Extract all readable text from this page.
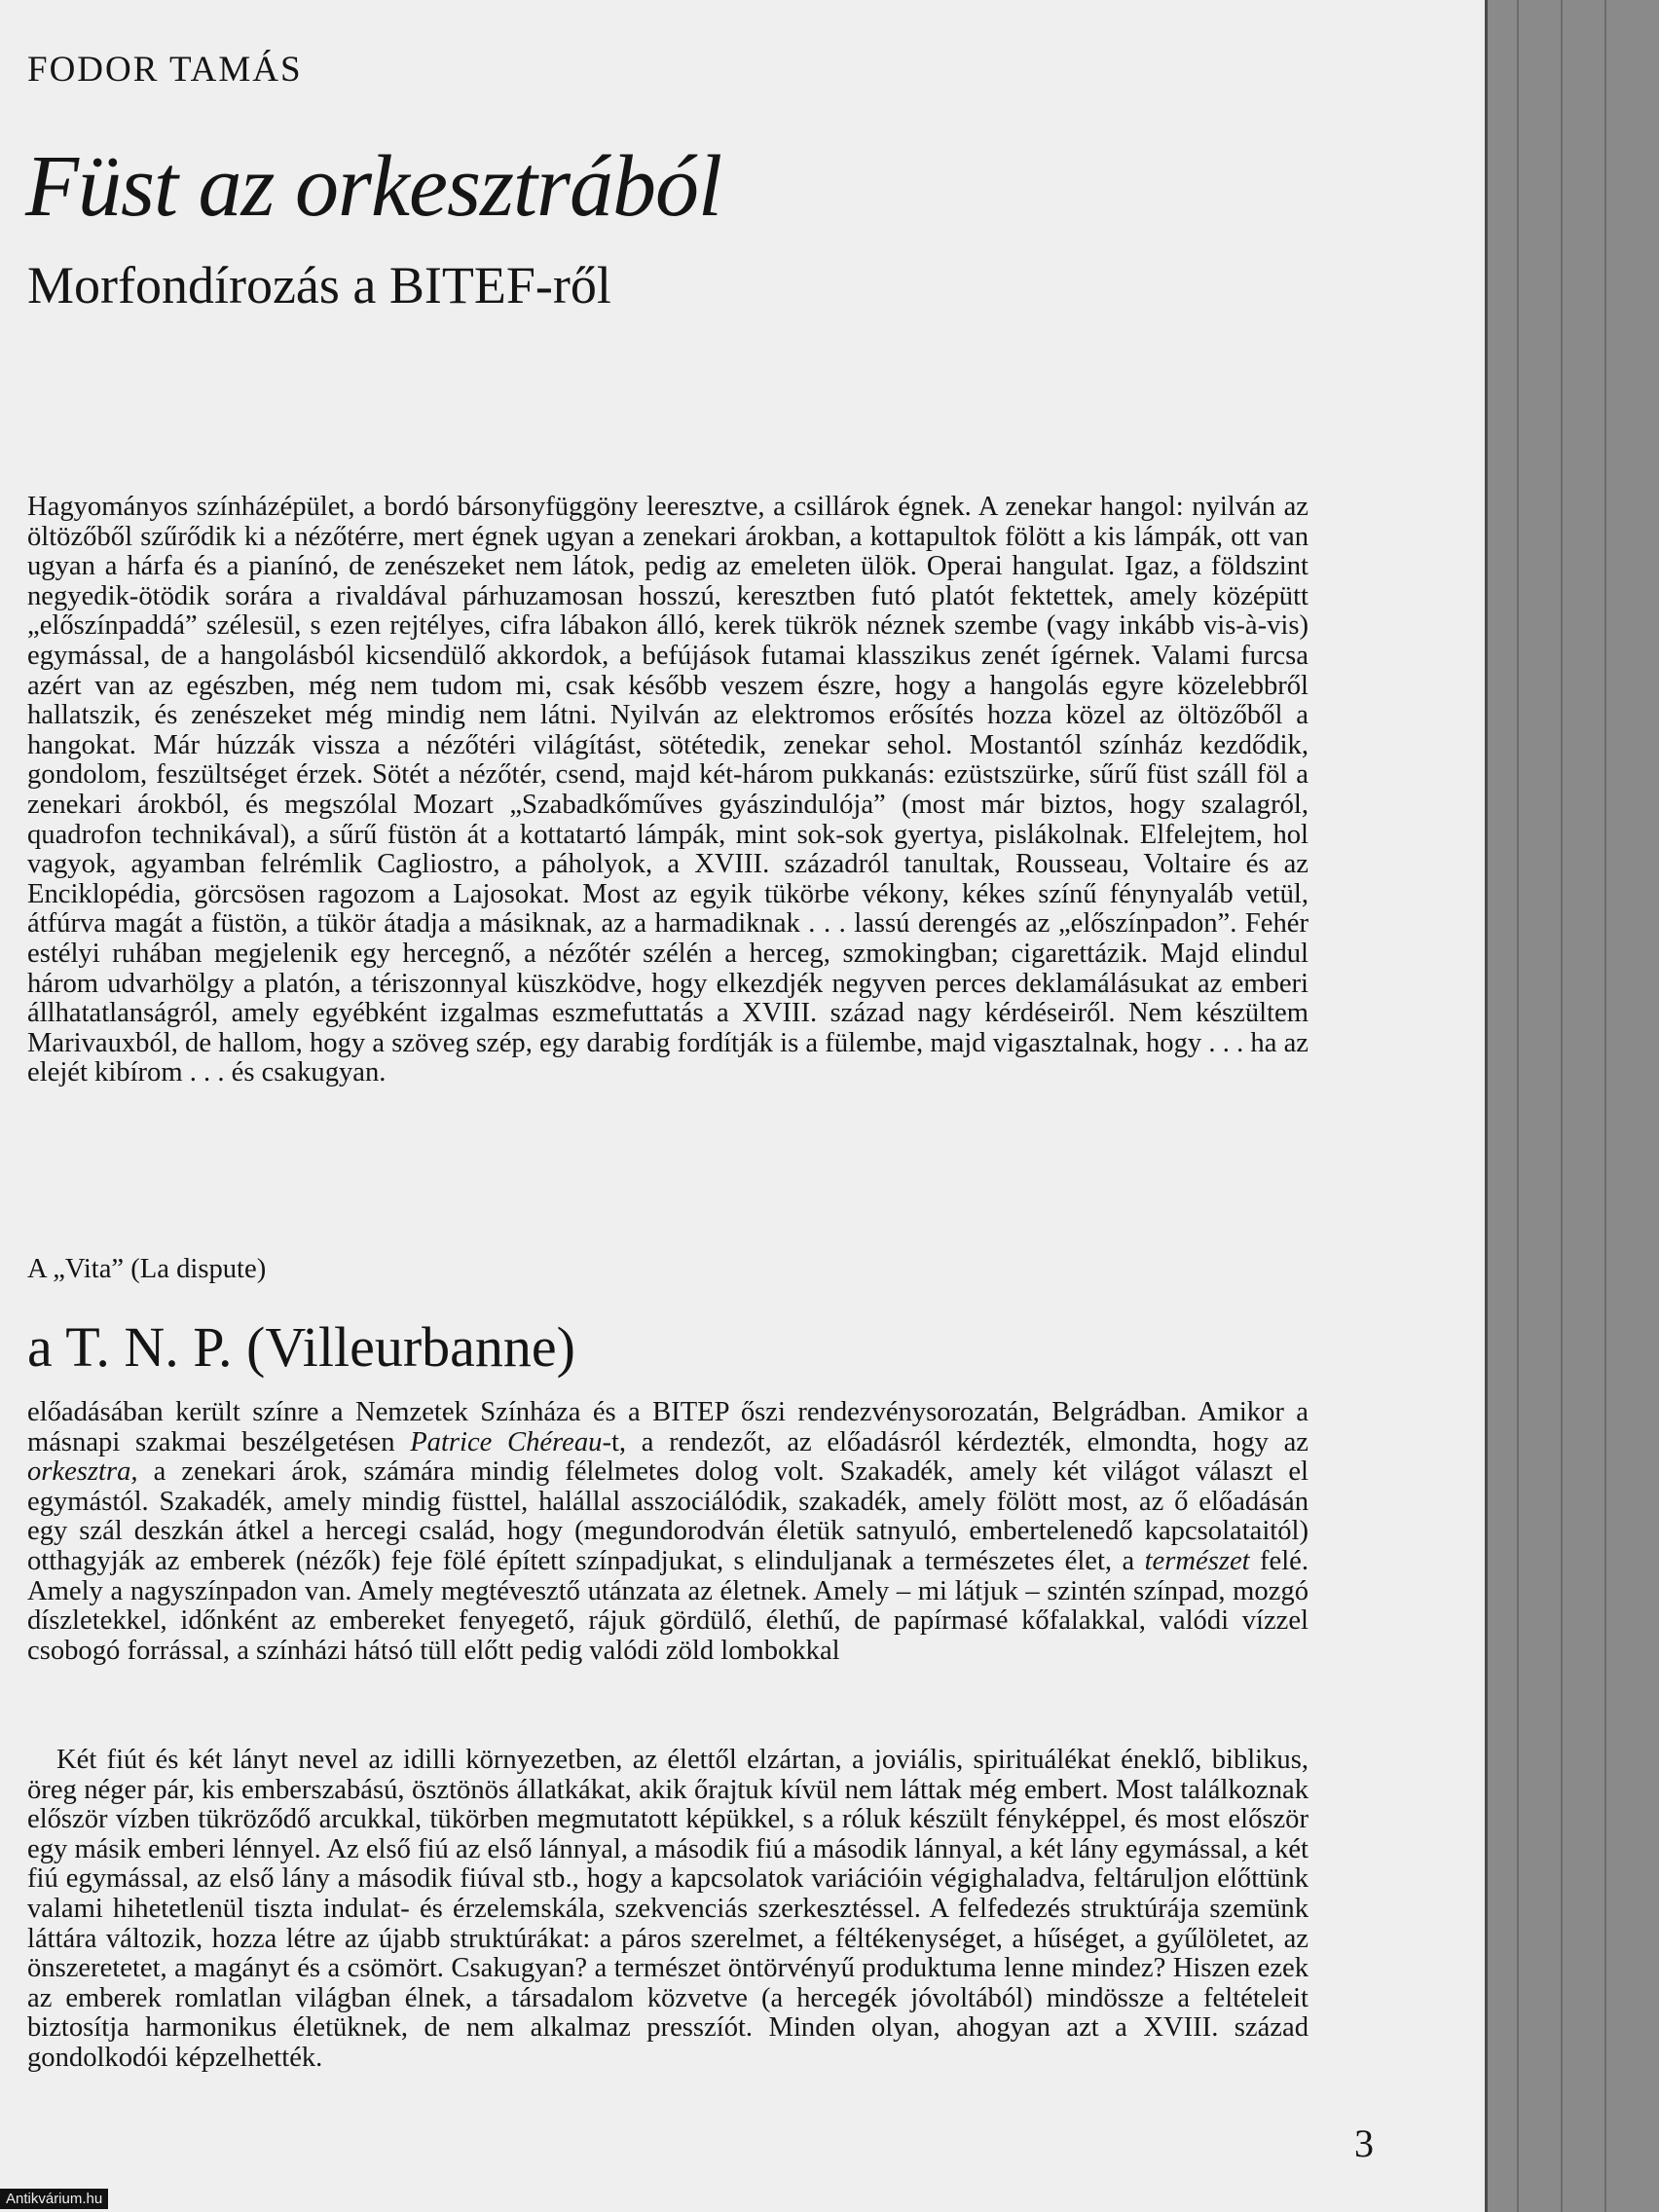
FODOR TAMÁS
Füst az orkesztrából
Morfondírozás a BITEF-ről
Hagyományos színházépület, a bordó bársonyfüggöny leeresztve, a csillárok égnek. A zenekar hangol: nyilván az öltözőből szűrődik ki a nézőtérre, mert égnek ugyan a zenekari árokban, a kottapultok fölött a kis lámpák, ott van ugyan a hárfa és a pianínó, de zenészeket nem látok, pedig az emeleten ülök. Operai hangulat. Igaz, a földszint negyedik-ötödik sorára a rivaldával párhuzamosan hosszú, keresztben futó platót fektettek, amely középütt „előszínpaddá” szélesül, s ezen rejtélyes, cifra lábakon álló, kerek tükrök néznek szembe (vagy inkább vis-à-vis) egymással, de a hangolásból kicsendülő akkordok, a befújások futamai klasszikus zenét ígérnek. Valami furcsa azért van az egészben, még nem tudom mi, csak később veszem észre, hogy a hangolás egyre közelebbről hallatszik, és zenészeket még mindig nem látni. Nyilván az elektromos erősítés hozza közel az öltözőből a hangokat. Már húzzák vissza a nézőtéri világítást, sötétedik, zenekar sehol. Mostantól színház kezdődik, gondolom, feszültséget érzek. Sötét a nézőtér, csend, majd két-három pukkanás: ezüstszürke, sűrű füst száll föl a zenekari árokból, és megszólal Mozart „Szabadkőműves gyászindulója” (most már biztos, hogy szalagról, quadrofon technikával), a sűrű füstön át a kottatartó lámpák, mint sok-sok gyertya, pislákolnak. Elfelejtem, hol vagyok, agyamban felrémlik Cagliostro, a páholyok, a XVIII. századról tanultak, Rousseau, Voltaire és az Enciklopédia, görcsösen ragozom a Lajosokat. Most az egyik tükörbe vékony, kékes színű fénynyaláb vetül, átfúrva magát a füstön, a tükör átadja a másiknak, az a harmadiknak . . . lassú derengés az „előszínpadon”. Fehér estélyi ruhában megjelenik egy hercegnő, a nézőtér szélén a herceg, szmokingban; cigarettázik. Majd elindul három udvarhölgy a platón, a tériszonnyal küszködve, hogy elkezdjék negyven perces deklamálásukat az emberi állhatatlanságról, amely egyébként izgalmas eszmefuttatás a XVIII. század nagy kérdéseiről. Nem készültem Marivauxból, de hallom, hogy a szöveg szép, egy darabig fordítják is a fülembe, majd vigasztalnak, hogy . . . ha az elejét kibírom . . . és csakugyan.
A „Vita” (La dispute)
a T. N. P. (Villeurbanne)
előadásában került színre a Nemzetek Színháza és a BITEP őszi rendezvénysorozatán, Belgrádban. Amikor a másnapi szakmai beszélgetésen Patrice Chéreau-t, a rendezőt, az előadásról kérdezték, elmondta, hogy az orkesztra, a zenekari árok, számára mindig félelmetes dolog volt. Szakadék, amely két világot választ el egymástól. Szakadék, amely mindig füsttel, halállal asszociálódik, szakadék, amely fölött most, az ő előadásán egy szál deszkán átkel a hercegi család, hogy (megundorodván életük satnyuló, embertelenedő kapcsolataitól) otthagyják az emberek (nézők) feje fölé épített színpadjukat, s elinduljanak a természetes élet, a természet felé. Amely a nagyszínpadon van. Amely megtévesztő utánzata az életnek. Amely – mi látjuk – szintén színpad, mozgó díszletekkel, időnként az embereket fenyegető, rájuk gördülő, élethű, de papírmasé kőfalakkal, valódi vízzel csobogó forrással, a színházi hátsó tüll előtt pedig valódi zöld lombokkal
Két fiút és két lányt nevel az idilli környezetben, az élettől elzártan, a joviális, spirituálékat éneklő, biblikus, öreg néger pár, kis emberszabású, ösztönös állatkákat, akik őrajtuk kívül nem láttak még embert. Most találkoznak először vízben tükröződő arcukkal, tükörben megmutatott képükkel, s a róluk készült fényképpel, és most először egy másik emberi lénnyel. Az első fiú az első lánnyal, a második fiú a második lánnyal, a két lány egymással, a két fiú egymással, az első lány a második fiúval stb., hogy a kapcsolatok variációin végighaladva, feltáruljon előttünk valami hihetetlenül tiszta indulat- és érzelemskála, szekvenciás szerkesztéssel. A felfedezés struktúrája szemünk láttára változik, hozza létre az újabb struktúrákat: a páros szerelmet, a féltékenységet, a hűséget, a gyűlöletet, az önszeretetet, a magányt és a csömört. Csakugyan? a természet öntörvényű produktuma lenne mindez? Hiszen ezek az emberek romlatlan világban élnek, a társadalom közvetve (a hercegék jóvoltából) mindössze a feltételeit biztosítja harmonikus életüknek, de nem alkalmaz presszíót. Minden olyan, ahogyan azt a XVIII. század gondolkodói képzelhették.
3
Antikvárium.hu
